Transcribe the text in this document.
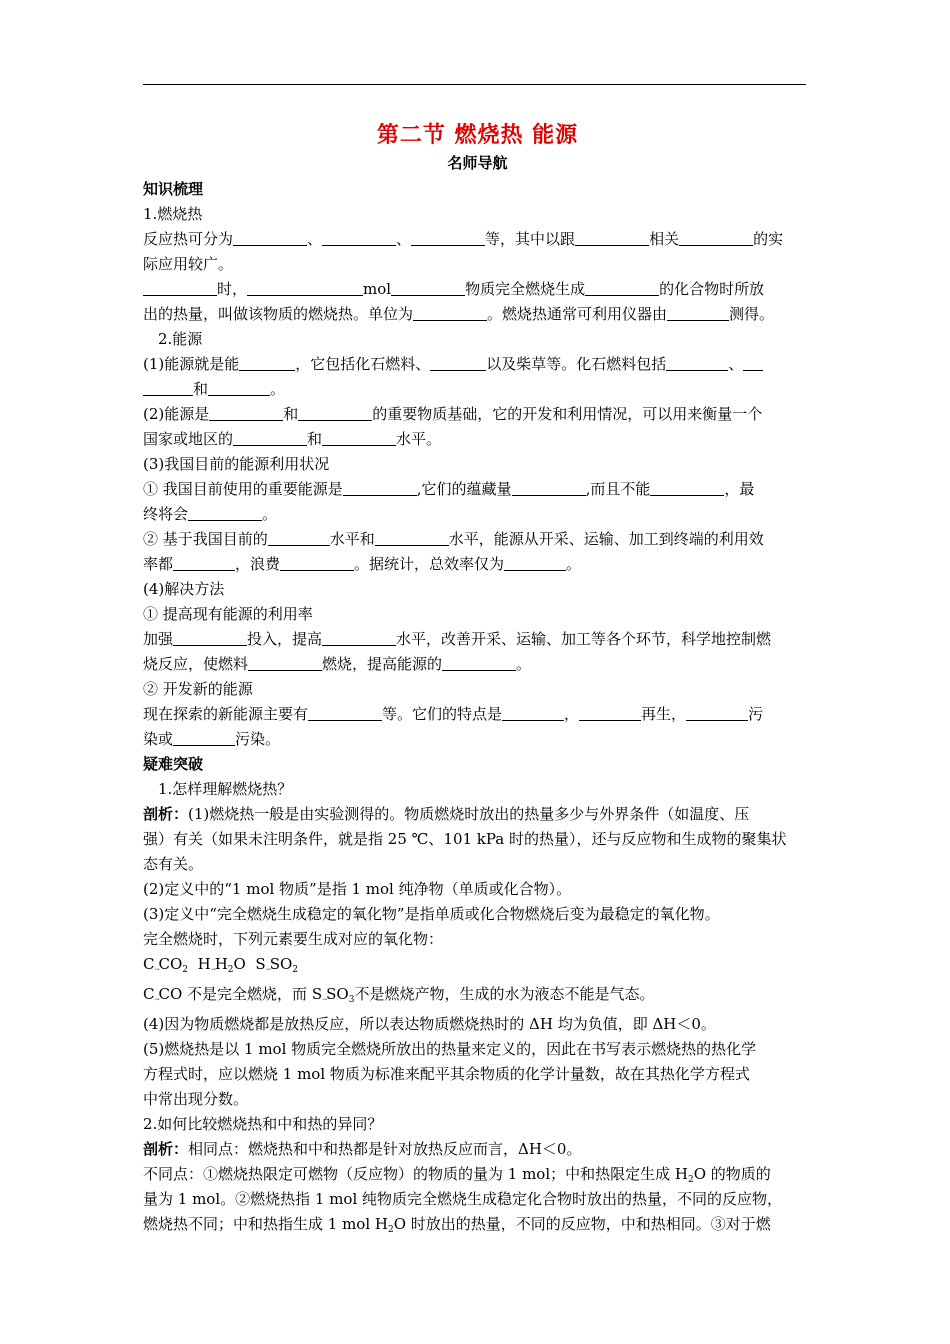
第二节 燃烧热 能源
名师导航
知识梳理
1.燃烧热
反应热可分为	、	、	等，其中以跟	相关	的实
际应用较广。
时，	mol	物质完全燃烧生成	的化合物时所放
出的热量，叫做该物质的燃烧热。单位为	。燃烧热通常可利用仪器由	测得。
2.能源
(1)能源就是能	，它包括化石燃料、	以及柴草等。化石燃料包括	、
和	。
(2)能源是	和	的重要物质基础，它的开发和利用情况，可以用来衡量一个
国家或地区的	和	水平。
(3)我国目前的能源利用状况
① 我国目前使用的重要能源是	,它们的蕴藏量	,而且不能	，最
终将会	。
② 基于我国目前的	水平和	水平，能源从开采、运输、加工到终端的利用效
率都	，浪费	。据统计，总效率仅为	。
(4)解决方法
① 提高现有能源的利用率
加强	投入，提高	水平，改善开采、运输、加工等各个环节，科学地控制燃
烧反应，使燃料	燃烧，提高能源的	。
② 开发新的能源
现在探索的新能源主要有	等。它们的特点是	，	再生，	污
染或	污染。
疑难突破
1.怎样理解燃烧热？
剖析：(1)燃烧热一般是由实验测得的。物质燃烧时放出的热量多少与外界条件（如温度、压
强）有关（如果未注明条件，就是指 25 ℃、101 kPa 时的热量），还与反应物和生成物的聚集状
态有关。
(2)定义中的“1 mol 物质”是指 1 mol 纯净物（单质或化合物）。
(3)定义中“完全燃烧生成稳定的氧化物”是指单质或化合物燃烧后变为最稳定的氧化物。
完全燃烧时，下列元素要生成对应的氧化物：
$C\to CO_2$ $H\to H_2O$ $S\to SO_2$
C→CO 不是完全燃烧，而 $S\to SO_3$不是燃烧产物，生成的水为液态不能是气态。
(4)因为物质燃烧都是放热反应，所以表达物质燃烧热时的 ΔH 均为负值，即 ΔH＜0。
(5)燃烧热是以 1 mol 物质完全燃烧所放出的热量来定义的，因此在书写表示燃烧热的热化学
方程式时，应以燃烧 1 mol 物质为标准来配平其余物质的化学计量数，故在其热化学方程式
中常出现分数。
2.如何比较燃烧热和中和热的异同？
剖析：相同点：燃烧热和中和热都是针对放热反应而言，ΔH＜0。
不同点：①燃烧热限定可燃物（反应物）的物质的量为 1 mol；中和热限定生成 $H_2O$ 的物质的
量为 1 mol。②燃烧热指 1 mol 纯物质完全燃烧生成稳定化合物时放出的热量，不同的反应物，
燃烧热不同；中和热指生成 1 mol $H_2O$ 时放出的热量，不同的反应物，中和热相同。③对于燃
